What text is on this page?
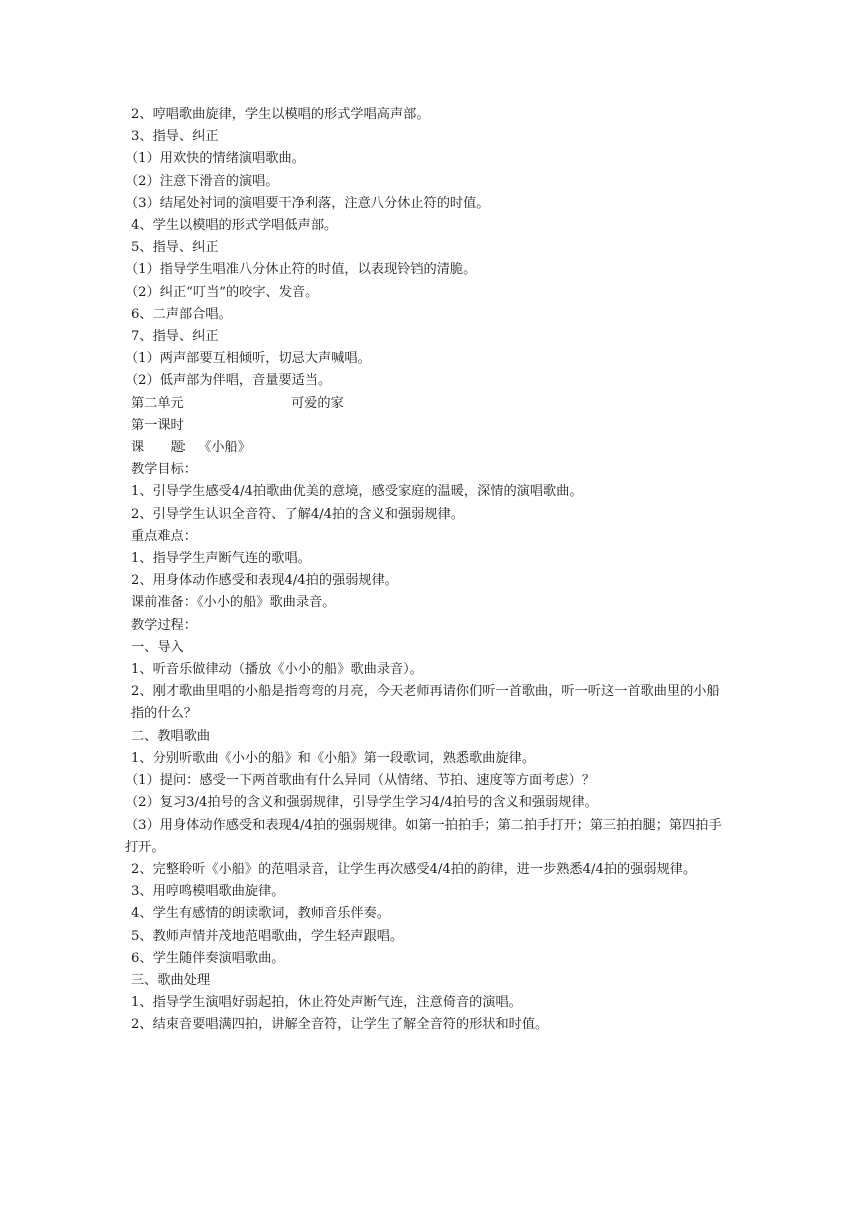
2、哼唱歌曲旋律，学生以模唱的形式学唱高声部。
3、指导、纠正
（1）用欢快的情绪演唱歌曲。
（2）注意下滑音的演唱。
（3）结尾处衬词的演唱要干净利落，注意八分休止符的时值。
4、学生以模唱的形式学唱低声部。
5、指导、纠正
（1）指导学生唱准八分休止符的时值，以表现铃铛的清脆。
（2）纠正“叮当”的咬字、发音。
6、二声部合唱。
7、指导、纠正
（1）两声部要互相倾听，切忌大声喊唱。
（2）低声部为伴唱，音量要适当。
第二单元	可爱的家
第一课时
课　　题
： 《小船》
教学目标：
1、引导学生感受4/4拍歌曲优美的意境，感受家庭的温暖，深情的演唱歌曲。
2、引导学生认识全音符、了解4/4拍的含义和强弱规律。
重点难点：
1、指导学生声断气连的歌唱。
2、用身体动作感受和表现4/4拍的强弱规律。
课前准备：《小小的船》歌曲录音。
教学过程：
一、导入
1、听音乐做律动（播放《小小的船》歌曲录音）。
2、刚才歌曲里唱的小船是指弯弯的月亮，今天老师再请你们听一首歌曲，听一听这一首歌曲里的小船指的什么？
二、教唱歌曲
1、分别听歌曲《小小的船》和《小船》第一段歌词，熟悉歌曲旋律。
（1）提问：感受一下两首歌曲有什么异同（从情绪、节拍、速度等方面考虑）？
（2）复习3/4拍号的含义和强弱规律，引导学生学习4/4拍号的含义和强弱规律。
（3）用身体动作感受和表现4/4拍的强弱规律。如第一拍拍手；第二拍手打开；第三拍拍腿；第四拍手打开。
2、完整聆听《小船》的范唱录音，让学生再次感受4/4拍的韵律，进一步熟悉4/4拍的强弱规律。
3、用哼鸣模唱歌曲旋律。
4、学生有感情的朗读歌词，教师音乐伴奏。
5、教师声情并茂地范唱歌曲，学生轻声跟唱。
6、学生随伴奏演唱歌曲。
三、歌曲处理
1、指导学生演唱好弱起拍，休止符处声断气连，注意倚音的演唱。
2、结束音要唱满四拍，讲解全音符，让学生了解全音符的形状和时值。
